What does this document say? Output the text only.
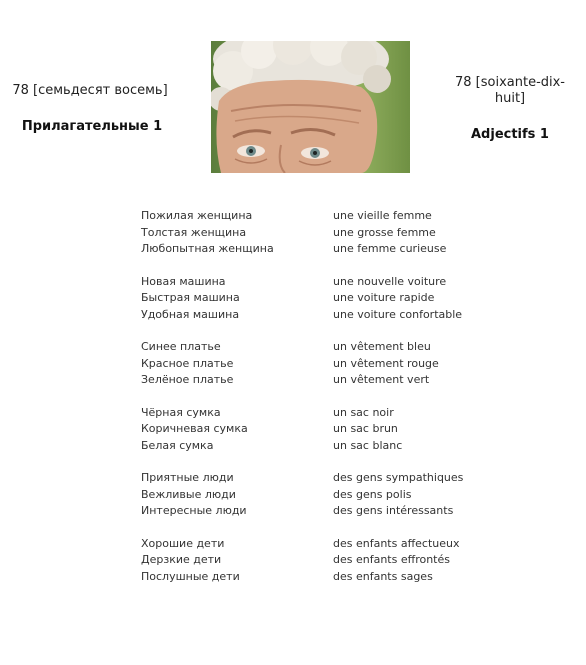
78 [семьдесят восемь]
Прилагательные 1
78 [soixante-dix-huit]
Adjectifs 1
Пожилая женщина	une vieille femme
Толстая женщина	une grosse femme
Любопытная женщина	une femme curieuse
Новая машина	une nouvelle voiture
Быстрая машина	une voiture rapide
Удобная машина	une voiture confortable
Синее платье	un vêtement bleu
Красное платье	un vêtement rouge
Зелёное платье	un vêtement vert
Чёрная сумка	un sac noir
Коричневая сумка	un sac brun
Белая сумка	un sac blanc
Приятные люди	des gens sympathiques
Вежливые люди	des gens polis
Интересные люди	des gens intéressants
Хорошие дети	des enfants affectueux
Дерзкие дети	des enfants effrontés
Послушные дети	des enfants sages
